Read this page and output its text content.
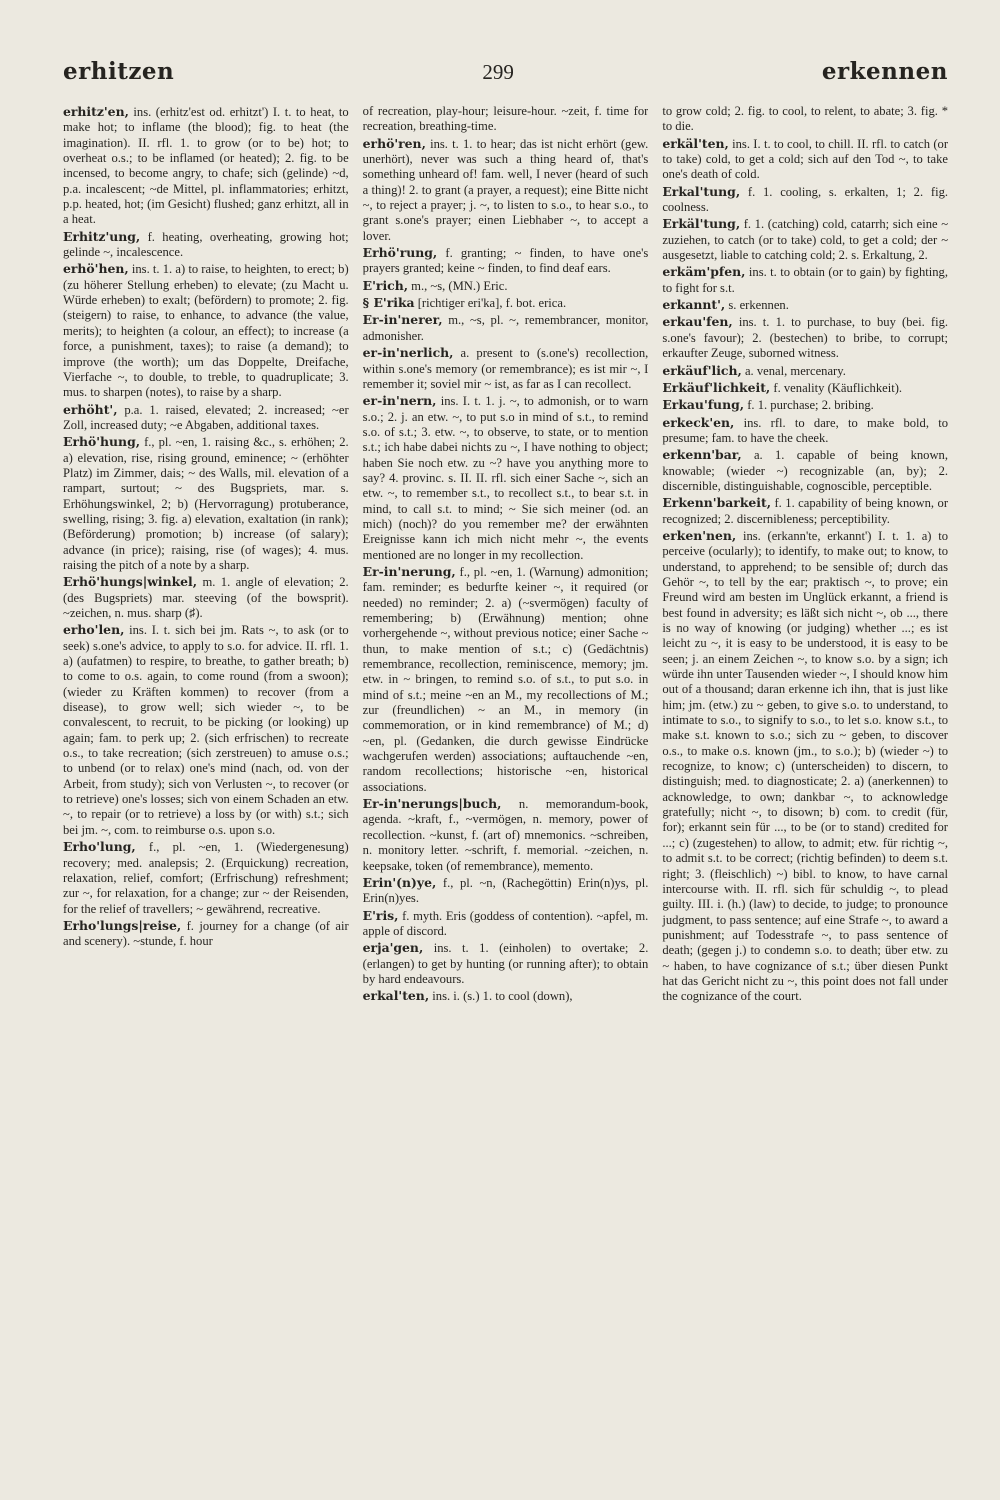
erhitzen	299	erkennen

erhitz'en, ins. (erhitz'est od. erhitzt') I. t. to heat, to make hot; to inflame (the blood); fig. to heat (the imagination). II. rfl. 1. to grow (or to be) hot; to overheat o.s.; to be inflamed (or heated); 2. fig. to be incensed, to become angry, to chafe; sich (gelinde) ~d, p.a. incalescent; ~de Mittel, pl. inflammatories; erhitzt, p.p. heated, hot; (im Gesicht) flushed; ganz erhitzt, all in a heat.

Erhitz'ung, f. heating, overheating, growing hot; gelinde ~, incalescence.

erhö'hen, ins. t. 1. a) to raise, to heighten, to erect; b) (zu höherer Stellung erheben) to elevate; (zu Macht u. Würde erheben) to exalt; (befördern) to promote; 2. fig. (steigern) to raise, to enhance, to advance (the value, merits); to heighten (a colour, an effect); to increase (a force, a punishment, taxes); to raise (a demand); to improve (the worth); um das Doppelte, Dreifache, Vierfache ~, to double, to treble, to quadruplicate; 3. mus. to sharpen (notes), to raise by a sharp.

erhöht', p.a. 1. raised, elevated; 2. increased; ~er Zoll, increased duty; ~e Abgaben, additional taxes.

Erhö'hung, f., pl. ~en, 1. raising &c., s. erhöhen; 2. a) elevation, rise, rising ground, eminence; ~ (erhöhter Platz) im Zimmer, dais; ~ des Walls, mil. elevation of a rampart, surtout; ~ des Bugspriets, mar. s. Erhöhungswinkel, 2; b) (Hervorragung) protuberance, swelling, rising; 3. fig. a) elevation, exaltation (in rank); (Beförderung) promotion; b) increase (of salary); advance (in price); raising, rise (of wages); 4. mus. raising the pitch of a note by a sharp.

Erhö'hungs|winkel, m. 1. angle of elevation; 2. (des Bugspriets) mar. steeving (of the bowsprit). ~zeichen, n. mus. sharp (♯).

erho'len, ins. I. t. sich bei jm. Rats ~, to ask (or to seek) s.one's advice, to apply to s.o. for advice. II. rfl. 1. a) (aufatmen) to respire, to breathe, to gather breath; b) to come to o.s. again, to come round (from a swoon); (wieder zu Kräften kommen) to recover (from a disease), to grow well; sich wieder ~, to be convalescent, to recruit, to be picking (or looking) up again; fam. to perk up; 2. (sich erfrischen) to recreate o.s., to take recreation; (sich zerstreuen) to amuse o.s.; to unbend (or to relax) one's mind (nach, od. von der Arbeit, from study); sich von Verlusten ~, to recover (or to retrieve) one's losses; sich von einem Schaden an etw. ~, to repair (or to retrieve) a loss by (or with) s.t.; sich bei jm. ~, com. to reimburse o.s. upon s.o.

Erho'lung, f., pl. ~en, 1. (Wiedergenesung) recovery; med. analepsis; 2. (Erquickung) recreation, relaxation, relief, comfort; (Erfrischung) refreshment; zur ~, for relaxation, for a change; zur ~ der Reisenden, for the relief of travellers; ~ gewährend, recreative.

Erho'lungs|reise, f. journey for a change (of air and scenery). ~stunde, f. hour

of recreation, play-hour; leisure-hour. ~zeit, f. time for recreation, breathing-time.

erhö'ren, ins. t. 1. to hear; das ist nicht erhört (gew. unerhört), never was such a thing heard of, that's something unheard of! fam. well, I never (heard of such a thing)! 2. to grant (a prayer, a request); eine Bitte nicht ~, to reject a prayer; j. ~, to listen to s.o., to hear s.o., to grant s.one's prayer; einen Liebhaber ~, to accept a lover.

Erhö'rung, f. granting; ~ finden, to have one's prayers granted; keine ~ finden, to find deaf ears.

E'rich, m., ~s, (MN.) Eric.

§ E'rika [richtiger eri'ka], f. bot. erica.

Er-in'nerer, m., ~s, pl. ~, remembrancer, monitor, admonisher.

er-in'nerlich, a. present to (s.one's) recollection, within s.one's memory (or remembrance); es ist mir ~, I remember it; soviel mir ~ ist, as far as I can recollect.

er-in'nern, ins. I. t. 1. j. ~, to admonish, or to warn s.o.; 2. j. an etw. ~, to put s.o in mind of s.t., to remind s.o. of s.t.; 3. etw. ~, to observe, to state, or to mention s.t.; ich habe dabei nichts zu ~, I have nothing to object; haben Sie noch etw. zu ~? have you anything more to say? 4. provinc. s. II. II. rfl. sich einer Sache ~, sich an etw. ~, to remember s.t., to recollect s.t., to bear s.t. in mind, to call s.t. to mind; ~ Sie sich meiner (od. an mich) (noch)? do you remember me? der erwähnten Ereignisse kann ich mich nicht mehr ~, the events mentioned are no longer in my recollection.

Er-in'nerung, f., pl. ~en, 1. (Warnung) admonition; fam. reminder; es bedurfte keiner ~, it required (or needed) no reminder; 2. a) (~svermögen) faculty of remembering; b) (Erwähnung) mention; ohne vorhergehende ~, without previous notice; einer Sache ~ thun, to make mention of s.t.; c) (Gedächtnis) remembrance, recollection, reminiscence, memory; jm. etw. in ~ bringen, to remind s.o. of s.t., to put s.o. in mind of s.t.; meine ~en an M., my recollections of M.; zur (freundlichen) ~ an M., in memory (in commemoration, or in kind remembrance) of M.; d) ~en, pl. (Gedanken, die durch gewisse Eindrücke wachgerufen werden) associations; auftauchende ~en, random recollections; historische ~en, historical associations.

Er-in'nerungs|buch, n. memorandum-book, agenda. ~kraft, f., ~vermögen, n. memory, power of recollection. ~kunst, f. (art of) mnemonics. ~schreiben, n. monitory letter. ~schrift, f. memorial. ~zeichen, n. keepsake, token (of remembrance), memento.

Erin'(n)ye, f., pl. ~n, (Rachegöttin) Erin(n)ys, pl. Erin(n)yes.

E'ris, f. myth. Eris (goddess of contention). ~apfel, m. apple of discord.

erja'gen, ins. t. 1. (einholen) to overtake; 2. (erlangen) to get by hunting (or running after); to obtain by hard endeavours.

erkal'ten, ins. i. (s.) 1. to cool (down),

to grow cold; 2. fig. to cool, to relent, to abate; 3. fig. * to die.

erkäl'ten, ins. I. t. to cool, to chill. II. rfl. to catch (or to take) cold, to get a cold; sich auf den Tod ~, to take one's death of cold.

Erkal'tung, f. 1. cooling, s. erkalten, 1; 2. fig. coolness.

Erkäl'tung, f. 1. (catching) cold, catarrh; sich eine ~ zuziehen, to catch (or to take) cold, to get a cold; der ~ ausgesetzt, liable to catching cold; 2. s. Erkaltung, 2.

erkäm'pfen, ins. t. to obtain (or to gain) by fighting, to fight for s.t.

erkannt', s. erkennen.

erkau'fen, ins. t. 1. to purchase, to buy (bei. fig. s.one's favour); 2. (bestechen) to bribe, to corrupt; erkaufter Zeuge, suborned witness.

erkäuf'lich, a. venal, mercenary.

Erkäuf'lichkeit, f. venality (Käuflichkeit).

Erkau'fung, f. 1. purchase; 2. bribing.

erkeck'en, ins. rfl. to dare, to make bold, to presume; fam. to have the cheek.

erkenn'bar, a. 1. capable of being known, knowable; (wieder ~) recognizable (an, by); 2. discernible, distinguishable, cognoscible, perceptible.

Erkenn'barkeit, f. 1. capability of being known, or recognized; 2. discernibleness; perceptibility.

erken'nen, ins. (erkann'te, erkannt') I. t. 1. a) to perceive (ocularly); to identify, to make out; to know, to understand, to apprehend; to be sensible of; durch das Gehör ~, to tell by the ear; praktisch ~, to prove; ein Freund wird am besten im Unglück erkannt, a friend is best found in adversity; es läßt sich nicht ~, ob ..., there is no way of knowing (or judging) whether ...; es ist leicht zu ~, it is easy to be understood, it is easy to be seen; j. an einem Zeichen ~, to know s.o. by a sign; ich würde ihn unter Tausenden wieder ~, I should know him out of a thousand; daran erkenne ich ihn, that is just like him; jm. (etw.) zu ~ geben, to give s.o. to understand, to intimate to s.o., to signify to s.o., to let s.o. know s.t., to make s.t. known to s.o.; sich zu ~ geben, to discover o.s., to make o.s. known (jm., to s.o.); b) (wieder ~) to recognize, to know; c) (unterscheiden) to discern, to distinguish; med. to diagnosticate; 2. a) (anerkennen) to acknowledge, to own; dankbar ~, to acknowledge gratefully; nicht ~, to disown; b) com. to credit (für, for); erkannt sein für ..., to be (or to stand) credited for ...; c) (zugestehen) to allow, to admit; etw. für richtig ~, to admit s.t. to be correct; (richtig befinden) to deem s.t. right; 3. (fleischlich) ~) bibl. to know, to have carnal intercourse with. II. rfl. sich für schuldig ~, to plead guilty. III. i. (h.) (law) to decide, to judge; to pronounce judgment, to pass sentence; auf eine Strafe ~, to award a punishment; auf Todesstrafe ~, to pass sentence of death; (gegen j.) to condemn s.o. to death; über etw. zu ~ haben, to have cognizance of s.t.; über diesen Punkt hat das Gericht nicht zu ~, this point does not fall under the cognizance of the court.
